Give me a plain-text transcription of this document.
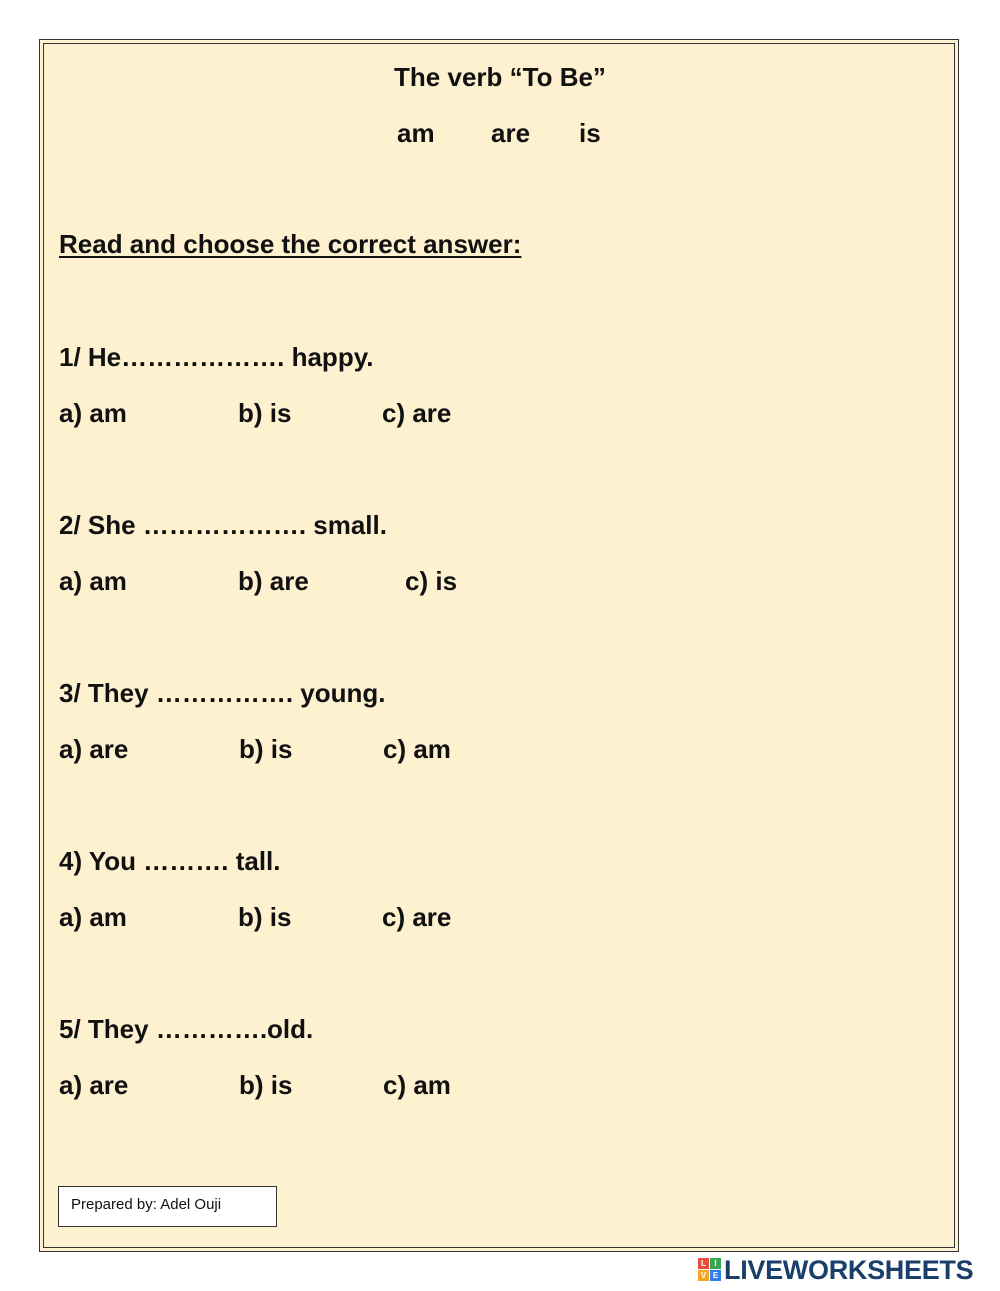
The verb “To Be”
am are is
Read and choose the correct answer:
1/ He………………. happy.
a) am	b) is	c) are
2/ She ………………. small.
a) am	b) are	c) is
3/ They ……………. young.
a) are	b) is	c) am
4) You ………. tall.
a) am	b) is	c) are
5/ They ………….old.
a) are	b) is	c) am
Prepared by: Adel Ouji
L	I
V E LIVEWORKSHEETS
